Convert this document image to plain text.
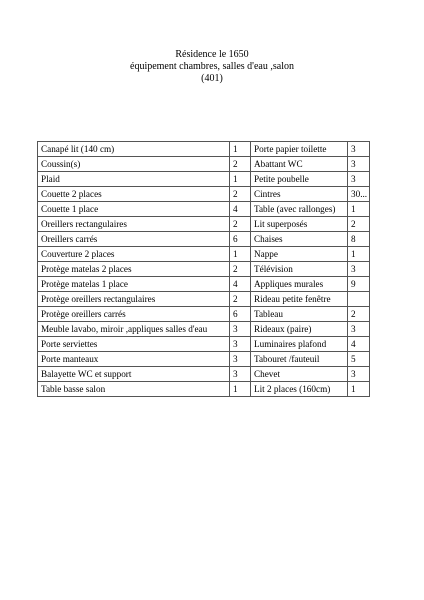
Résidence le 1650
équipement chambres, salles d'eau ,salon
(401)
Canapé lit (140 cm)	1	Porte papier toilette	3
Coussin(s)	2	Abattant WC	3
Plaid	1	Petite poubelle	3
Couette 2 places	2	Cintres	30...
Couette 1 place	4	Table (avec rallonges)	1
Oreillers rectangulaires	2	Lit superposés	2
Oreillers carrés	6	Chaises	8
Couverture 2 places	1	Nappe	1
Protège matelas 2 places	2	Télévision	3
Protège matelas 1 place	4	Appliques murales	9
Protège oreillers rectangulaires	2	Rideau petite fenêtre	
Protège oreillers carrés	6	Tableau	2
Meuble lavabo, miroir ,appliques salles d'eau	3	Rideaux (paire)	3
Porte serviettes	3	Luminaires plafond	4
Porte manteaux	3	Tabouret /fauteuil	5
Balayette WC et support	3	Chevet	3
Table basse salon	1	Lit 2 places (160cm)	1
